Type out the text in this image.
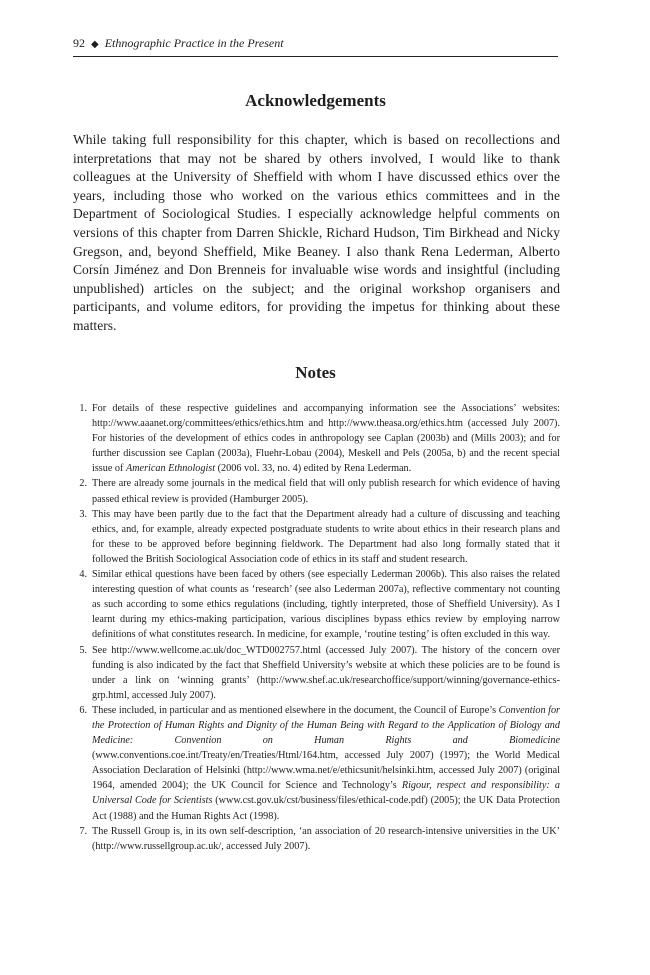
92 ◆ Ethnographic Practice in the Present
Acknowledgements

While taking full responsibility for this chapter, which is based on recollections and interpretations that may not be shared by others involved, I would like to thank colleagues at the University of Sheffield with whom I have discussed ethics over the years, including those who worked on the various ethics committees and in the Department of Sociological Studies. I especially acknowledge helpful comments on versions of this chapter from Darren Shickle, Richard Hudson, Tim Birkhead and Nicky Gregson, and, beyond Sheffield, Mike Beaney. I also thank Rena Lederman, Alberto Corsín Jiménez and Don Brenneis for invaluable wise words and insightful (including unpublished) articles on the subject; and the original workshop organisers and participants, and volume editors, for providing the impetus for thinking about these matters.

Notes
1. For details of these respective guidelines and accompanying information see the Associations’ websites: http://www.aaanet.org/committees/ethics/ethics.htm and http://www.theasa.org/ethics.htm (accessed July 2007). For histories of the development of ethics codes in anthropology see Caplan (2003b) and (Mills 2003); and for further discussion see Caplan (2003a), Fluehr-Lobau (2004), Meskell and Pels (2005a, b) and the recent special issue of American Ethnologist (2006 vol. 33, no. 4) edited by Rena Lederman.
2. There are already some journals in the medical field that will only publish research for which evidence of having passed ethical review is provided (Hamburger 2005).
3. This may have been partly due to the fact that the Department already had a culture of discussing and teaching ethics, and, for example, already expected postgraduate students to write about ethics in their research plans and for these to be approved before beginning fieldwork. The Department had also long formally stated that it followed the British Sociological Association code of ethics in its staff and student research.
4. Similar ethical questions have been faced by others (see especially Lederman 2006b). This also raises the related interesting question of what counts as ‘research’ (see also Lederman 2007a), reflective commentary not counting as such according to some ethics regulations (including, tightly interpreted, those of Sheffield University). As I learnt during my ethics-making participation, various disciplines bypass ethics review by employing narrow definitions of what constitutes research. In medicine, for example, ‘routine testing’ is often excluded in this way.
5. See http://www.wellcome.ac.uk/doc_WTD002757.html (accessed July 2007). The history of the concern over funding is also indicated by the fact that Sheffield University’s website at which these policies are to be found is under a link on ‘winning grants’ (http://www.shef.ac.uk/researchoffice/support/winning/governance-ethics-grp.html, accessed July 2007).
6. These included, in particular and as mentioned elsewhere in the document, the Council of Europe’s Convention for the Protection of Human Rights and Dignity of the Human Being with Regard to the Application of Biology and Medicine: Convention on Human Rights and Biomedicine (www.conventions.coe.int/Treaty/en/Treaties/Html/164.htm, accessed July 2007) (1997); the World Medical Association Declaration of Helsinki (http://www.wma.net/e/ethicsunit/helsinki.htm, accessed July 2007) (original 1964, amended 2004); the UK Council for Science and Technology’s Rigour, respect and responsibility: a Universal Code for Scientists (www.cst.gov.uk/cst/business/files/ethical-code.pdf) (2005); the UK Data Protection Act (1988) and the Human Rights Act (1998).
7. The Russell Group is, in its own self-description, ‘an association of 20 research-intensive universities in the UK’ (http://www.russellgroup.ac.uk/, accessed July 2007).
